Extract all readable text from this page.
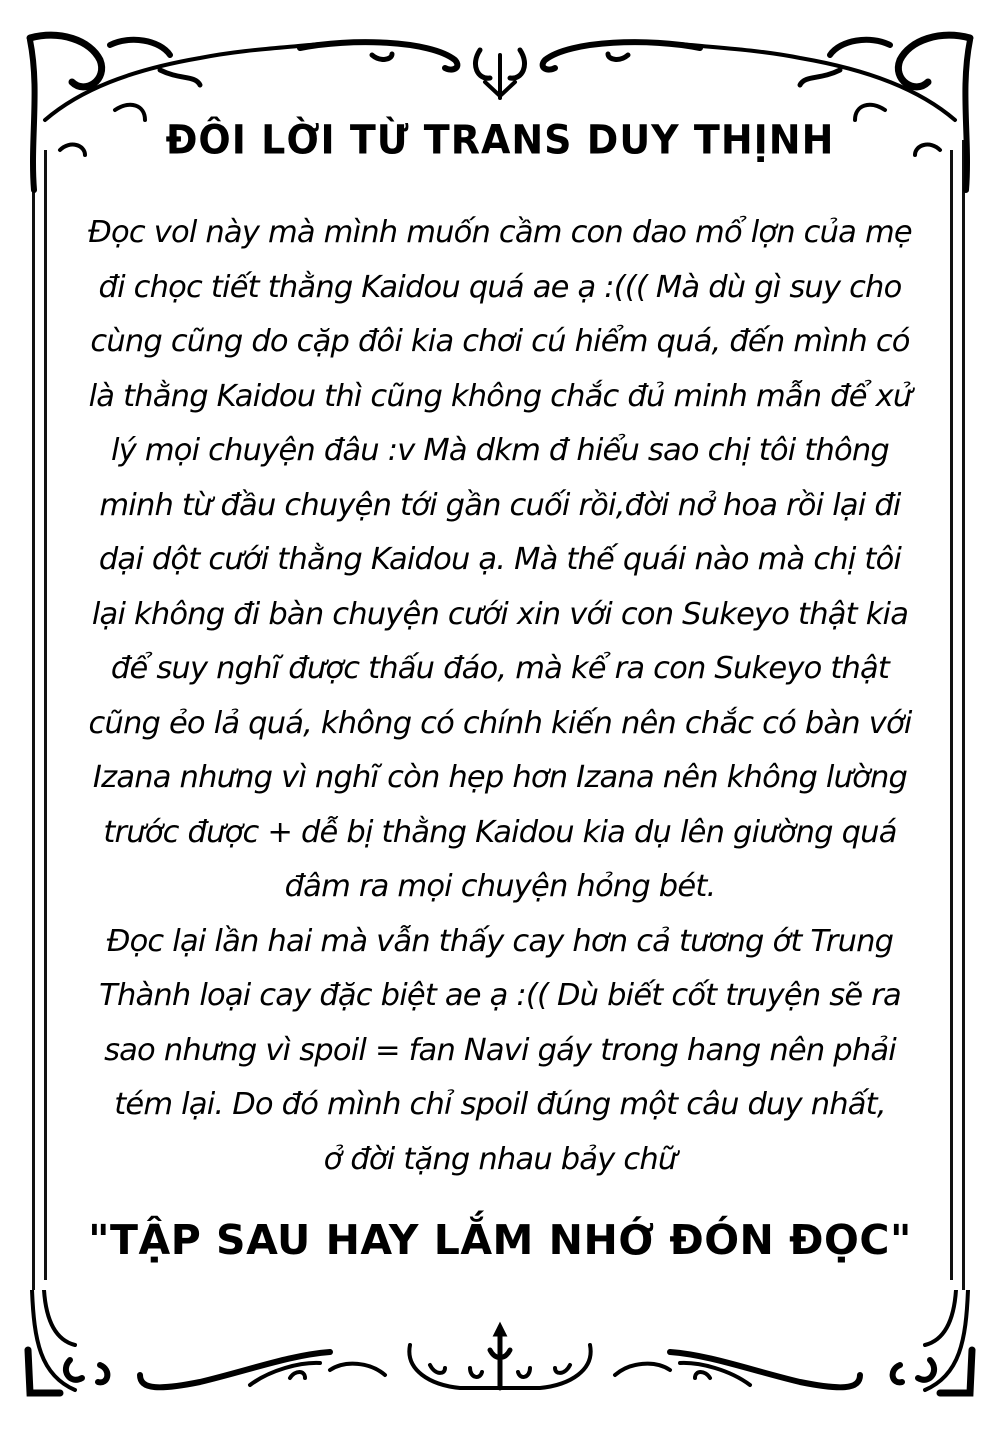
ĐÔI LỜI TỪ TRANS DUY THỊNH
Đọc vol này mà mình muốn cầm con dao mổ lợn của mẹ
đi chọc tiết thằng Kaidou quá ae ạ :((( Mà dù gì suy cho
cùng cũng do cặp đôi kia chơi cú hiểm quá, đến mình có
là thằng Kaidou thì cũng không chắc đủ minh mẫn để xử
lý mọi chuyện đâu :v Mà dkm đ hiểu sao chị tôi thông
minh từ đầu chuyện tới gần cuối rồi,đời nở hoa rồi lại đi
dại dột cưới thằng Kaidou ạ. Mà thế quái nào mà chị tôi
lại không đi bàn chuyện cưới xin với con Sukeyo thật kia
để suy nghĩ được thấu đáo, mà kể ra con Sukeyo thật
cũng ẻo lả quá, không có chính kiến nên chắc có bàn với
Izana nhưng vì nghĩ còn hẹp hơn Izana nên không lường
trước được + dễ bị thằng Kaidou kia dụ lên giường quá
đâm ra mọi chuyện hỏng bét.
Đọc lại lần hai mà vẫn thấy cay hơn cả tương ớt Trung
Thành loại cay đặc biệt ae ạ :(( Dù biết cốt truyện sẽ ra
sao nhưng vì spoil = fan Navi gáy trong hang nên phải
tém lại. Do đó mình chỉ spoil đúng một câu duy nhất,
ở đời tặng nhau bảy chữ
"TẬP SAU HAY LẮM NHỚ ĐÓN ĐỌC"
